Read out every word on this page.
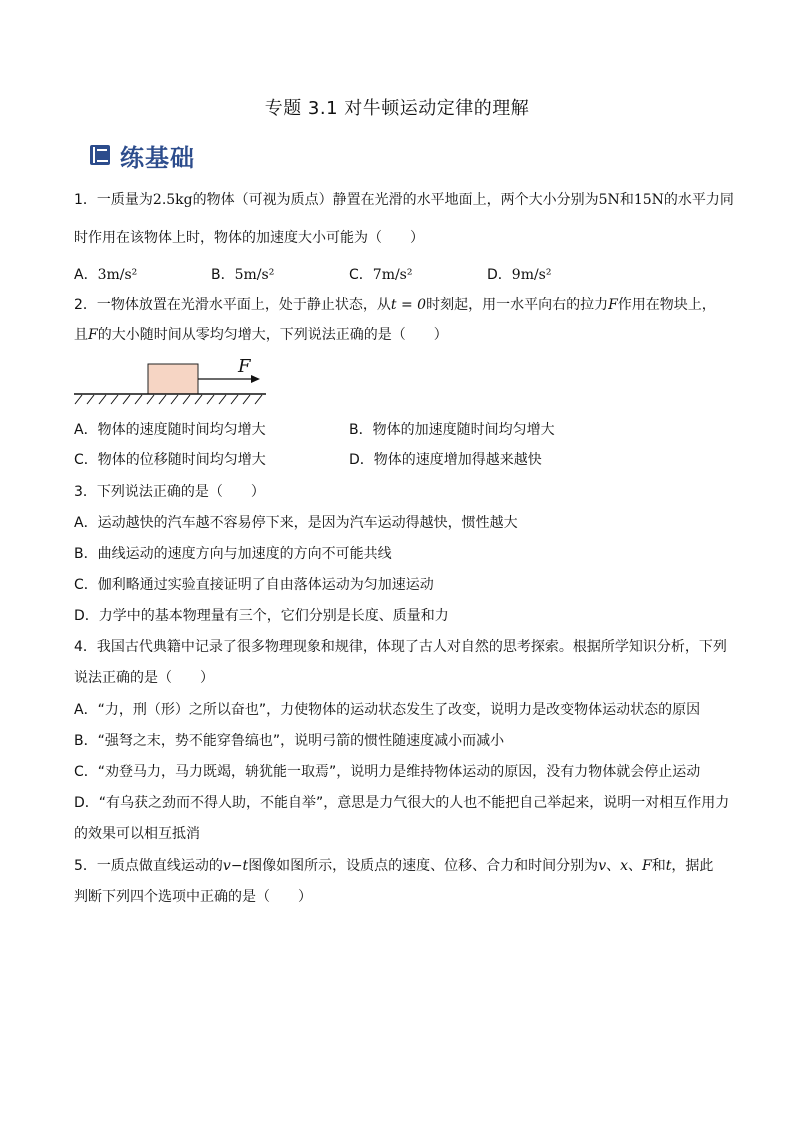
专题 3.1 对牛顿运动定律的理解
练基础
1．一质量为2.5kg的物体（可视为质点）静置在光滑的水平地面上，两个大小分别为5N和15N的水平力同
时作用在该物体上时，物体的加速度大小可能为（　　）
A．3m/s²	B．5m/s²	C．7m/s²	D．9m/s²
2．一物体放置在光滑水平面上，处于静止状态，从t = 0时刻起，用一水平向右的拉力F作用在物块上，
且F的大小随时间从零均匀增大，下列说法正确的是（　　）
F
A．物体的速度随时间均匀增大	B．物体的加速度随时间均匀增大
C．物体的位移随时间均匀增大	D．物体的速度增加得越来越快
3．下列说法正确的是（　　）
A．运动越快的汽车越不容易停下来，是因为汽车运动得越快，惯性越大
B．曲线运动的速度方向与加速度的方向不可能共线
C．伽利略通过实验直接证明了自由落体运动为匀加速运动
D．力学中的基本物理量有三个，它们分别是长度、质量和力
4．我国古代典籍中记录了很多物理现象和规律，体现了古人对自然的思考探索。根据所学知识分析，下列
说法正确的是（　　）
A．“力，刑（形）之所以奋也”，力使物体的运动状态发生了改变，说明力是改变物体运动状态的原因
B．“强弩之末，势不能穿鲁缟也”，说明弓箭的惯性随速度减小而减小
C．“劝登马力，马力既竭，辀犹能一取焉”，说明力是维持物体运动的原因，没有力物体就会停止运动
D．“有乌获之劲而不得人助，不能自举”，意思是力气很大的人也不能把自己举起来，说明一对相互作用力
的效果可以相互抵消
5．一质点做直线运动的v−t图像如图所示，设质点的速度、位移、合力和时间分别为v、x、F和t，据此
判断下列四个选项中正确的是（　　）
